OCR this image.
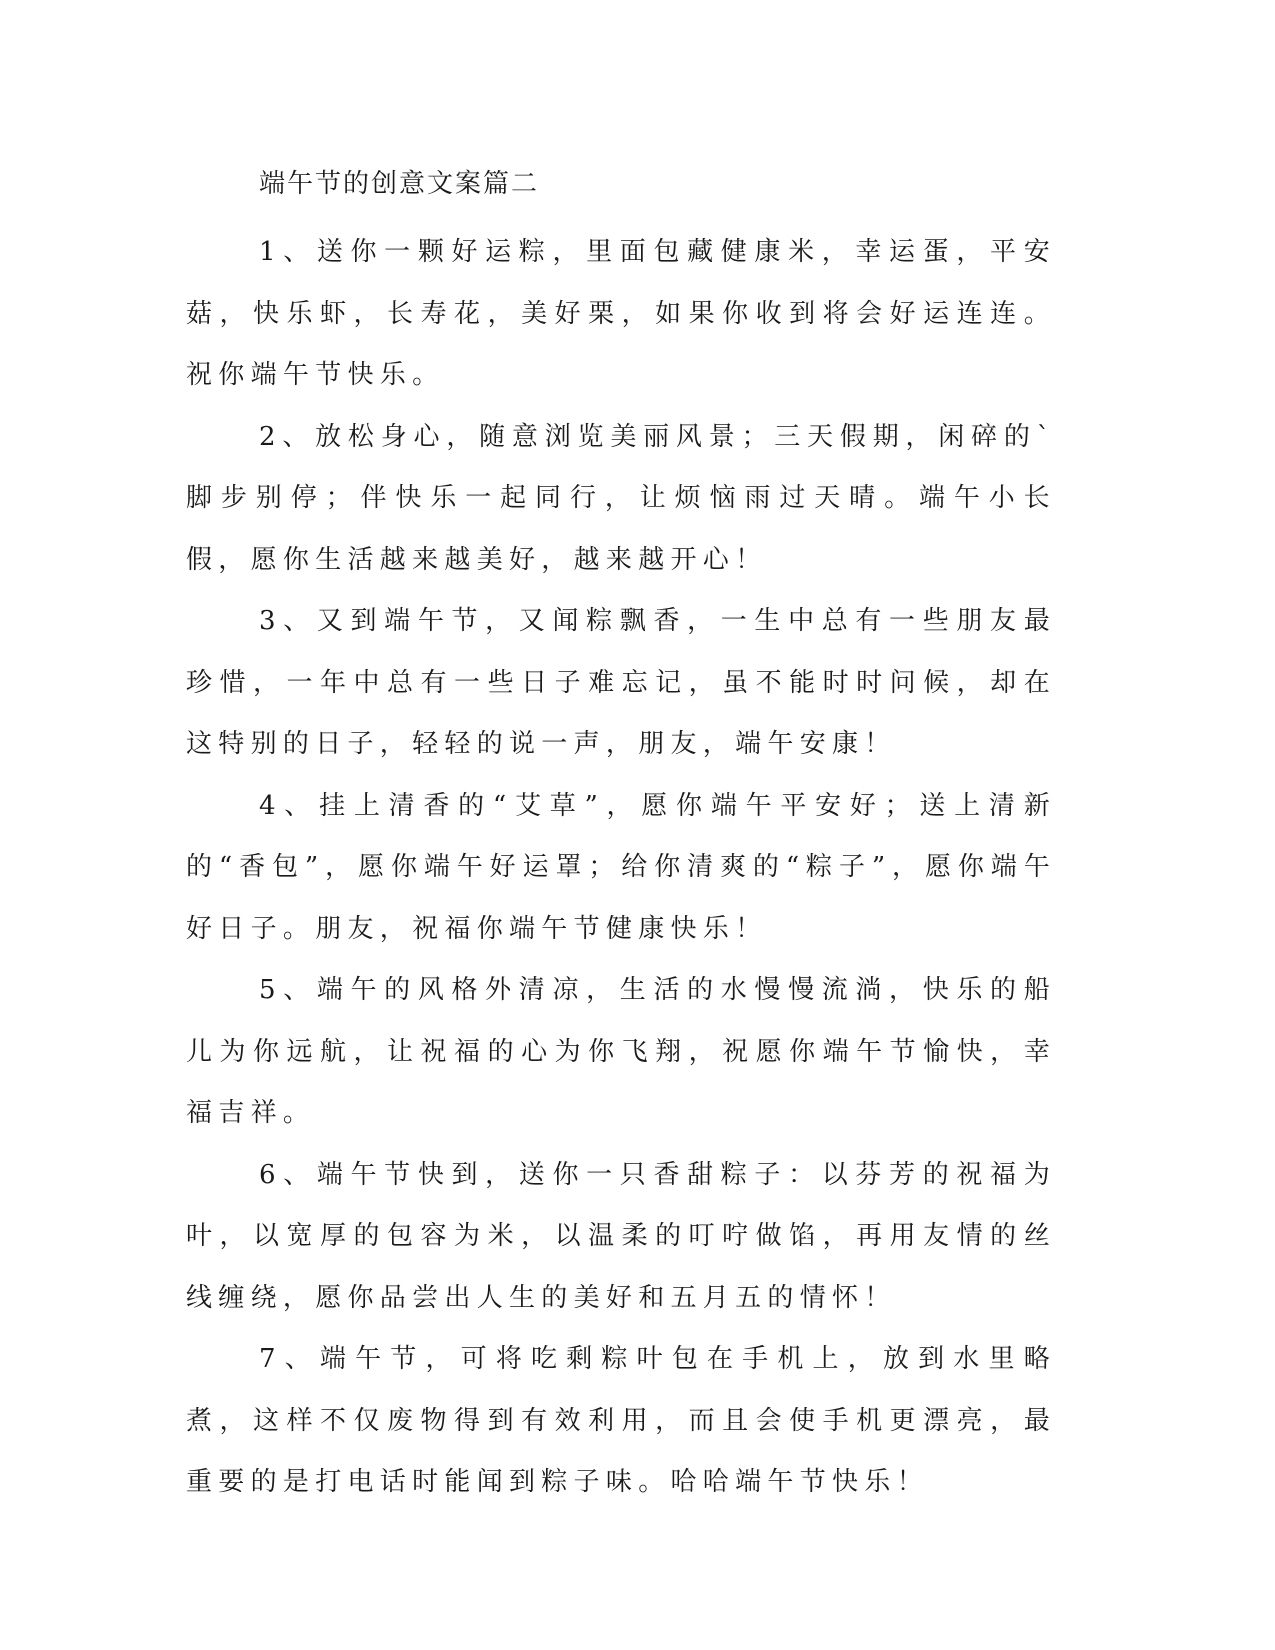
端午节的创意文案篇二

1、送你一颗好运粽，里面包藏健康米，幸运蛋，平安菇，快乐虾，长寿花，美好栗，如果你收到将会好运连连。祝你端午节快乐。

2、放松身心，随意浏览美丽风景；三天假期，闲碎的`脚步别停；伴快乐一起同行，让烦恼雨过天晴。端午小长假，愿你生活越来越美好，越来越开心！

3、又到端午节，又闻粽飘香，一生中总有一些朋友最珍惜，一年中总有一些日子难忘记，虽不能时时问候，却在这特别的日子，轻轻的说一声，朋友，端午安康！

4、挂上清香的“艾草”，愿你端午平安好；送上清新的“香包”，愿你端午好运罩；给你清爽的“粽子”，愿你端午好日子。朋友，祝福你端午节健康快乐！

5、端午的风格外清凉，生活的水慢慢流淌，快乐的船儿为你远航，让祝福的心为你飞翔，祝愿你端午节愉快，幸福吉祥。

6、端午节快到，送你一只香甜粽子：以芬芳的祝福为叶，以宽厚的包容为米，以温柔的叮咛做馅，再用友情的丝线缠绕，愿你品尝出人生的美好和五月五的情怀！

7、端午节，可将吃剩粽叶包在手机上，放到水里略煮，这样不仅废物得到有效利用，而且会使手机更漂亮，最重要的是打电话时能闻到粽子味。哈哈端午节快乐！
